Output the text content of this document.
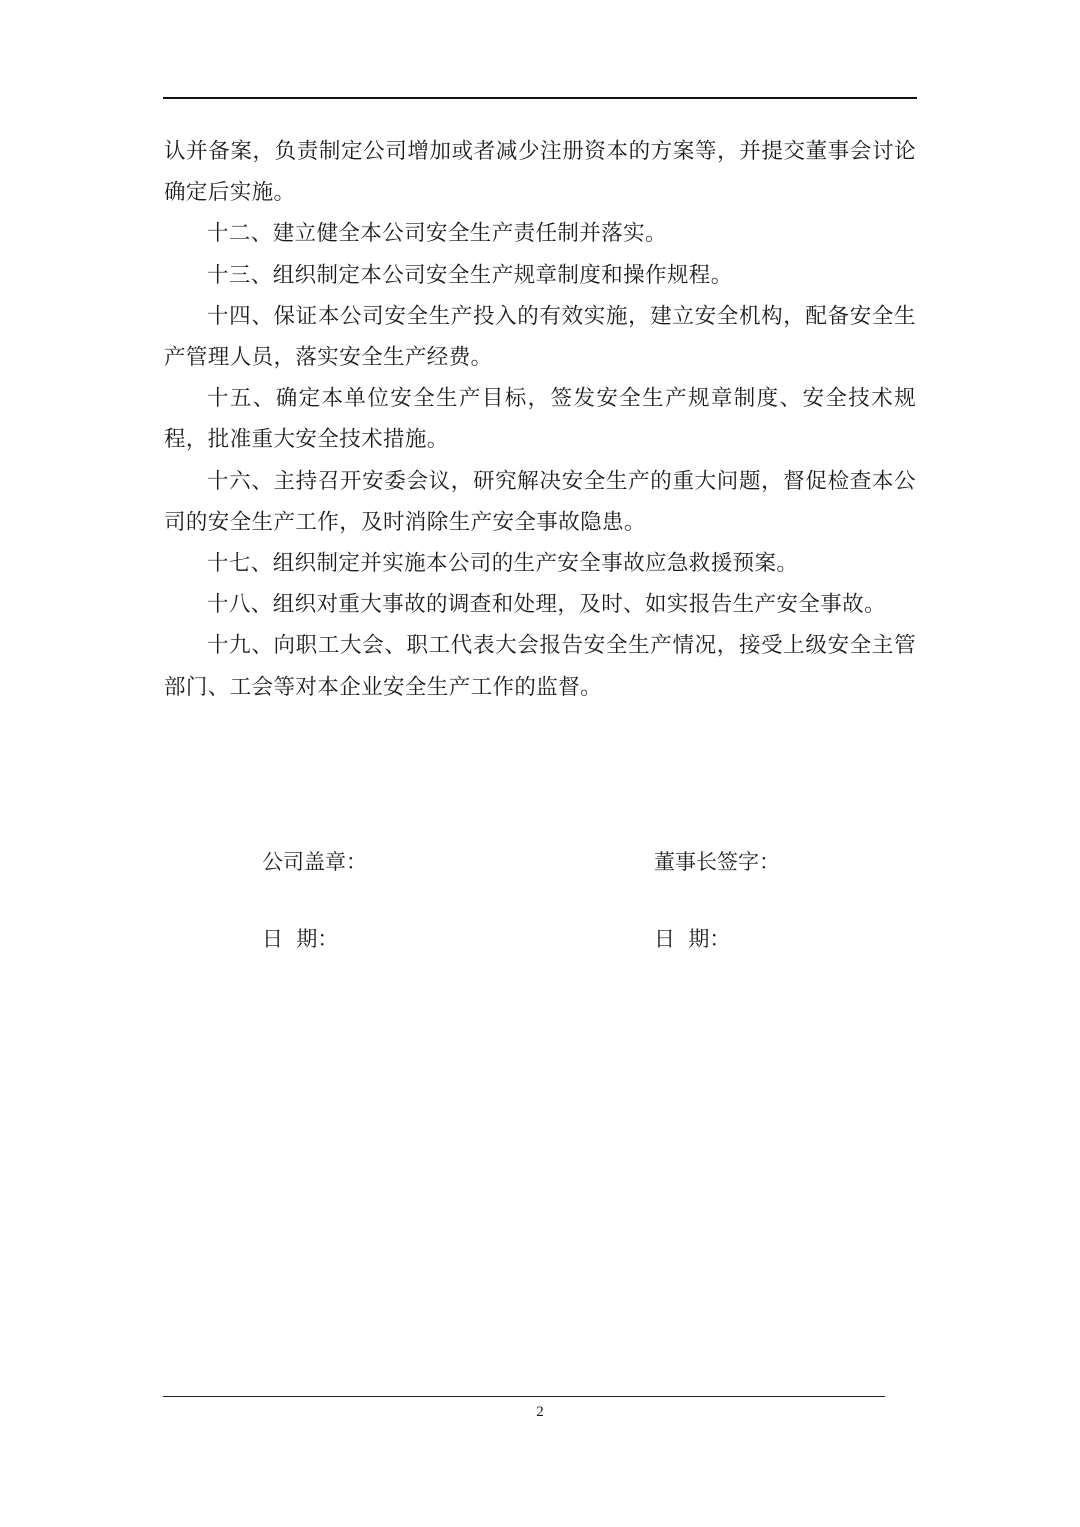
认并备案，负责制定公司增加或者减少注册资本的方案等，并提交董事会讨论确定后实施。

十二、建立健全本公司安全生产责任制并落实。

十三、组织制定本公司安全生产规章制度和操作规程。

十四、保证本公司安全生产投入的有效实施，建立安全机构，配备安全生产管理人员，落实安全生产经费。

十五、确定本单位安全生产目标，签发安全生产规章制度、安全技术规程，批准重大安全技术措施。

十六、主持召开安委会议，研究解决安全生产的重大问题，督促检查本公司的安全生产工作，及时消除生产安全事故隐患。

十七、组织制定并实施本公司的生产安全事故应急救援预案。

十八、组织对重大事故的调查和处理，及时、如实报告生产安全事故。

十九、向职工大会、职工代表大会报告安全生产情况，接受上级安全主管部门、工会等对本企业安全生产工作的监督。

公司盖章：	董事长签字：
日  期：	日  期：
2
